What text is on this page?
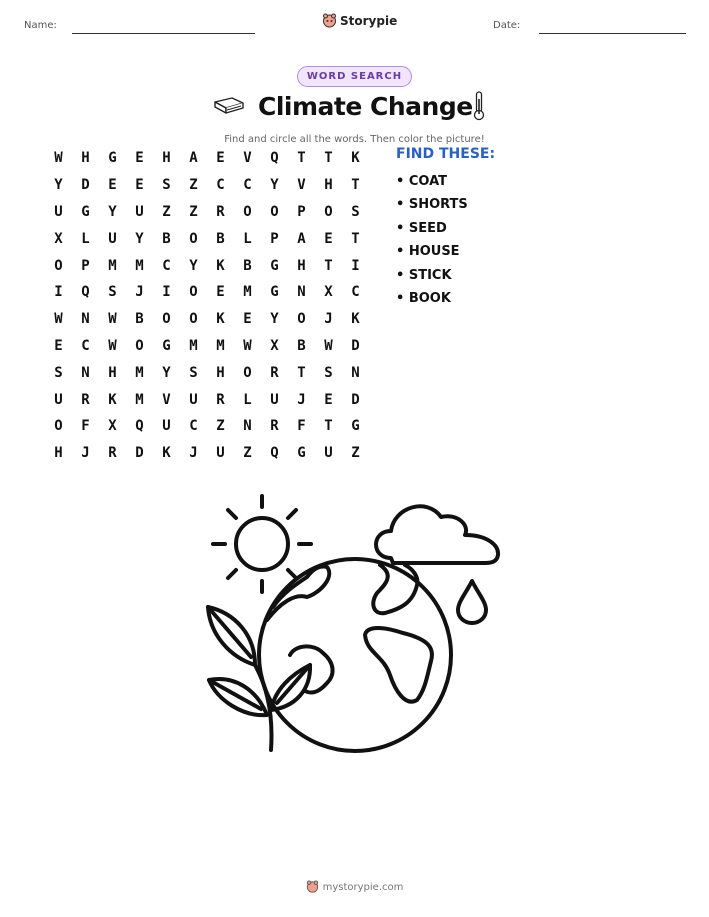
Name:	Storypie	Date:
WORD SEARCH
Climate Change
Find and circle all the words. Then color the picture!
W	H	G	E	H	A	E	V	Q	T	T	K
Y	D	E	E	S	Z	C	C	Y	V	H	T
U	G	Y	U	Z	Z	R	O	O	P	O	S
X	L	U	Y	B	O	B	L	P	A	E	T
O	P	M	M	C	Y	K	B	G	H	T	I
I	Q	S	J	I	O	E	M	G	N	X	C
W	N	W	B	O	O	K	E	Y	O	J	K
E	C	W	O	G	M	M	W	X	B	W	D
S	N	H	M	Y	S	H	O	R	T	S	N
U	R	K	M	V	U	R	L	U	J	E	D
O	F	X	Q	U	C	Z	N	R	F	T	G
H	J	R	D	K	J	U	Z	Q	G	U	Z
FIND THESE:
• COAT
• SHORTS
• SEED
• HOUSE
• STICK
• BOOK
mystorypie.com
